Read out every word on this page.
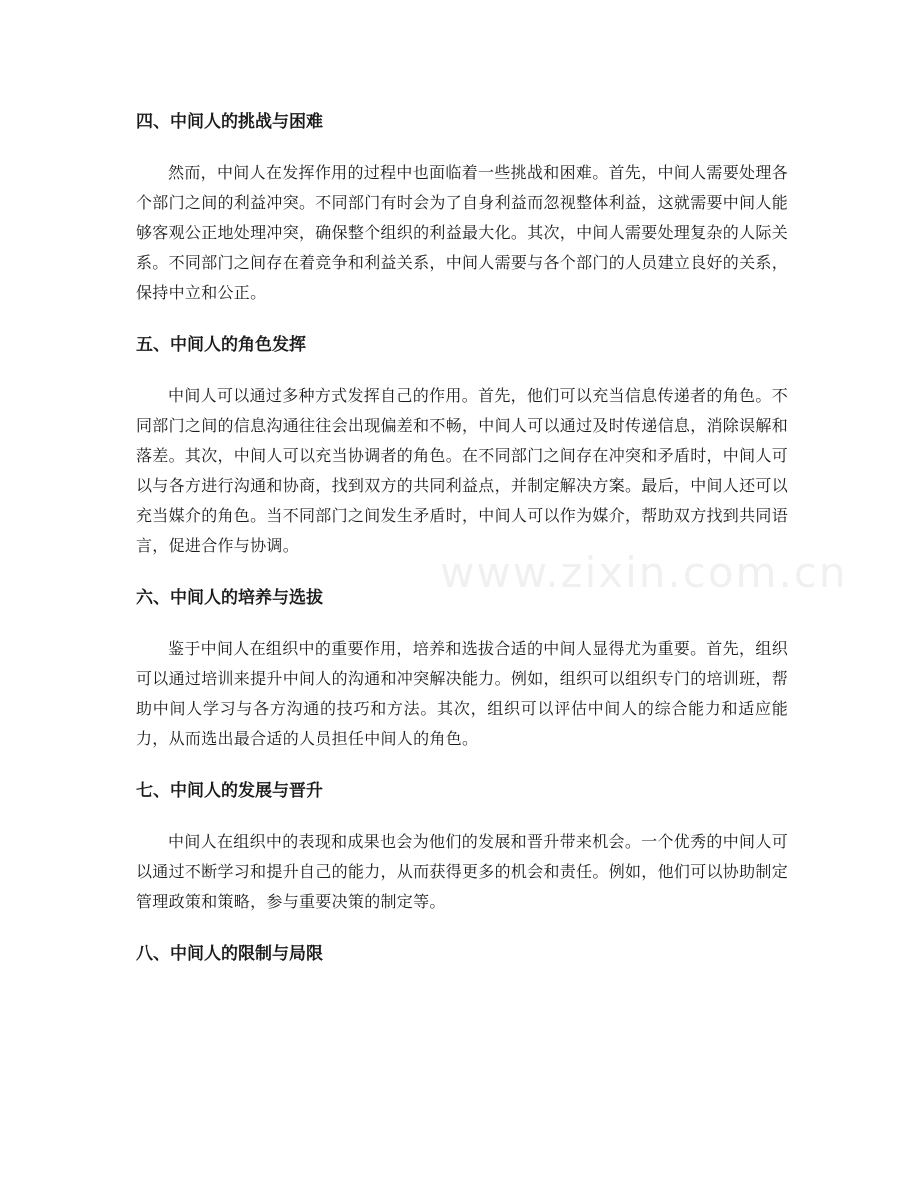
四、中间人的挑战与困难

然而，中间人在发挥作用的过程中也面临着一些挑战和困难。首先，中间人需要处理各个部门之间的利益冲突。不同部门有时会为了自身利益而忽视整体利益，这就需要中间人能够客观公正地处理冲突，确保整个组织的利益最大化。其次，中间人需要处理复杂的人际关系。不同部门之间存在着竞争和利益关系，中间人需要与各个部门的人员建立良好的关系，保持中立和公正。

五、中间人的角色发挥

中间人可以通过多种方式发挥自己的作用。首先，他们可以充当信息传递者的角色。不同部门之间的信息沟通往往会出现偏差和不畅，中间人可以通过及时传递信息，消除误解和落差。其次，中间人可以充当协调者的角色。在不同部门之间存在冲突和矛盾时，中间人可以与各方进行沟通和协商，找到双方的共同利益点，并制定解决方案。最后，中间人还可以充当媒介的角色。当不同部门之间发生矛盾时，中间人可以作为媒介，帮助双方找到共同语言，促进合作与协调。

六、中间人的培养与选拔

鉴于中间人在组织中的重要作用，培养和选拔合适的中间人显得尤为重要。首先，组织可以通过培训来提升中间人的沟通和冲突解决能力。例如，组织可以组织专门的培训班，帮助中间人学习与各方沟通的技巧和方法。其次，组织可以评估中间人的综合能力和适应能力，从而选出最合适的人员担任中间人的角色。

七、中间人的发展与晋升

中间人在组织中的表现和成果也会为他们的发展和晋升带来机会。一个优秀的中间人可以通过不断学习和提升自己的能力，从而获得更多的机会和责任。例如，他们可以协助制定管理政策和策略，参与重要决策的制定等。

八、中间人的限制与局限
www.zixin.com.cn
